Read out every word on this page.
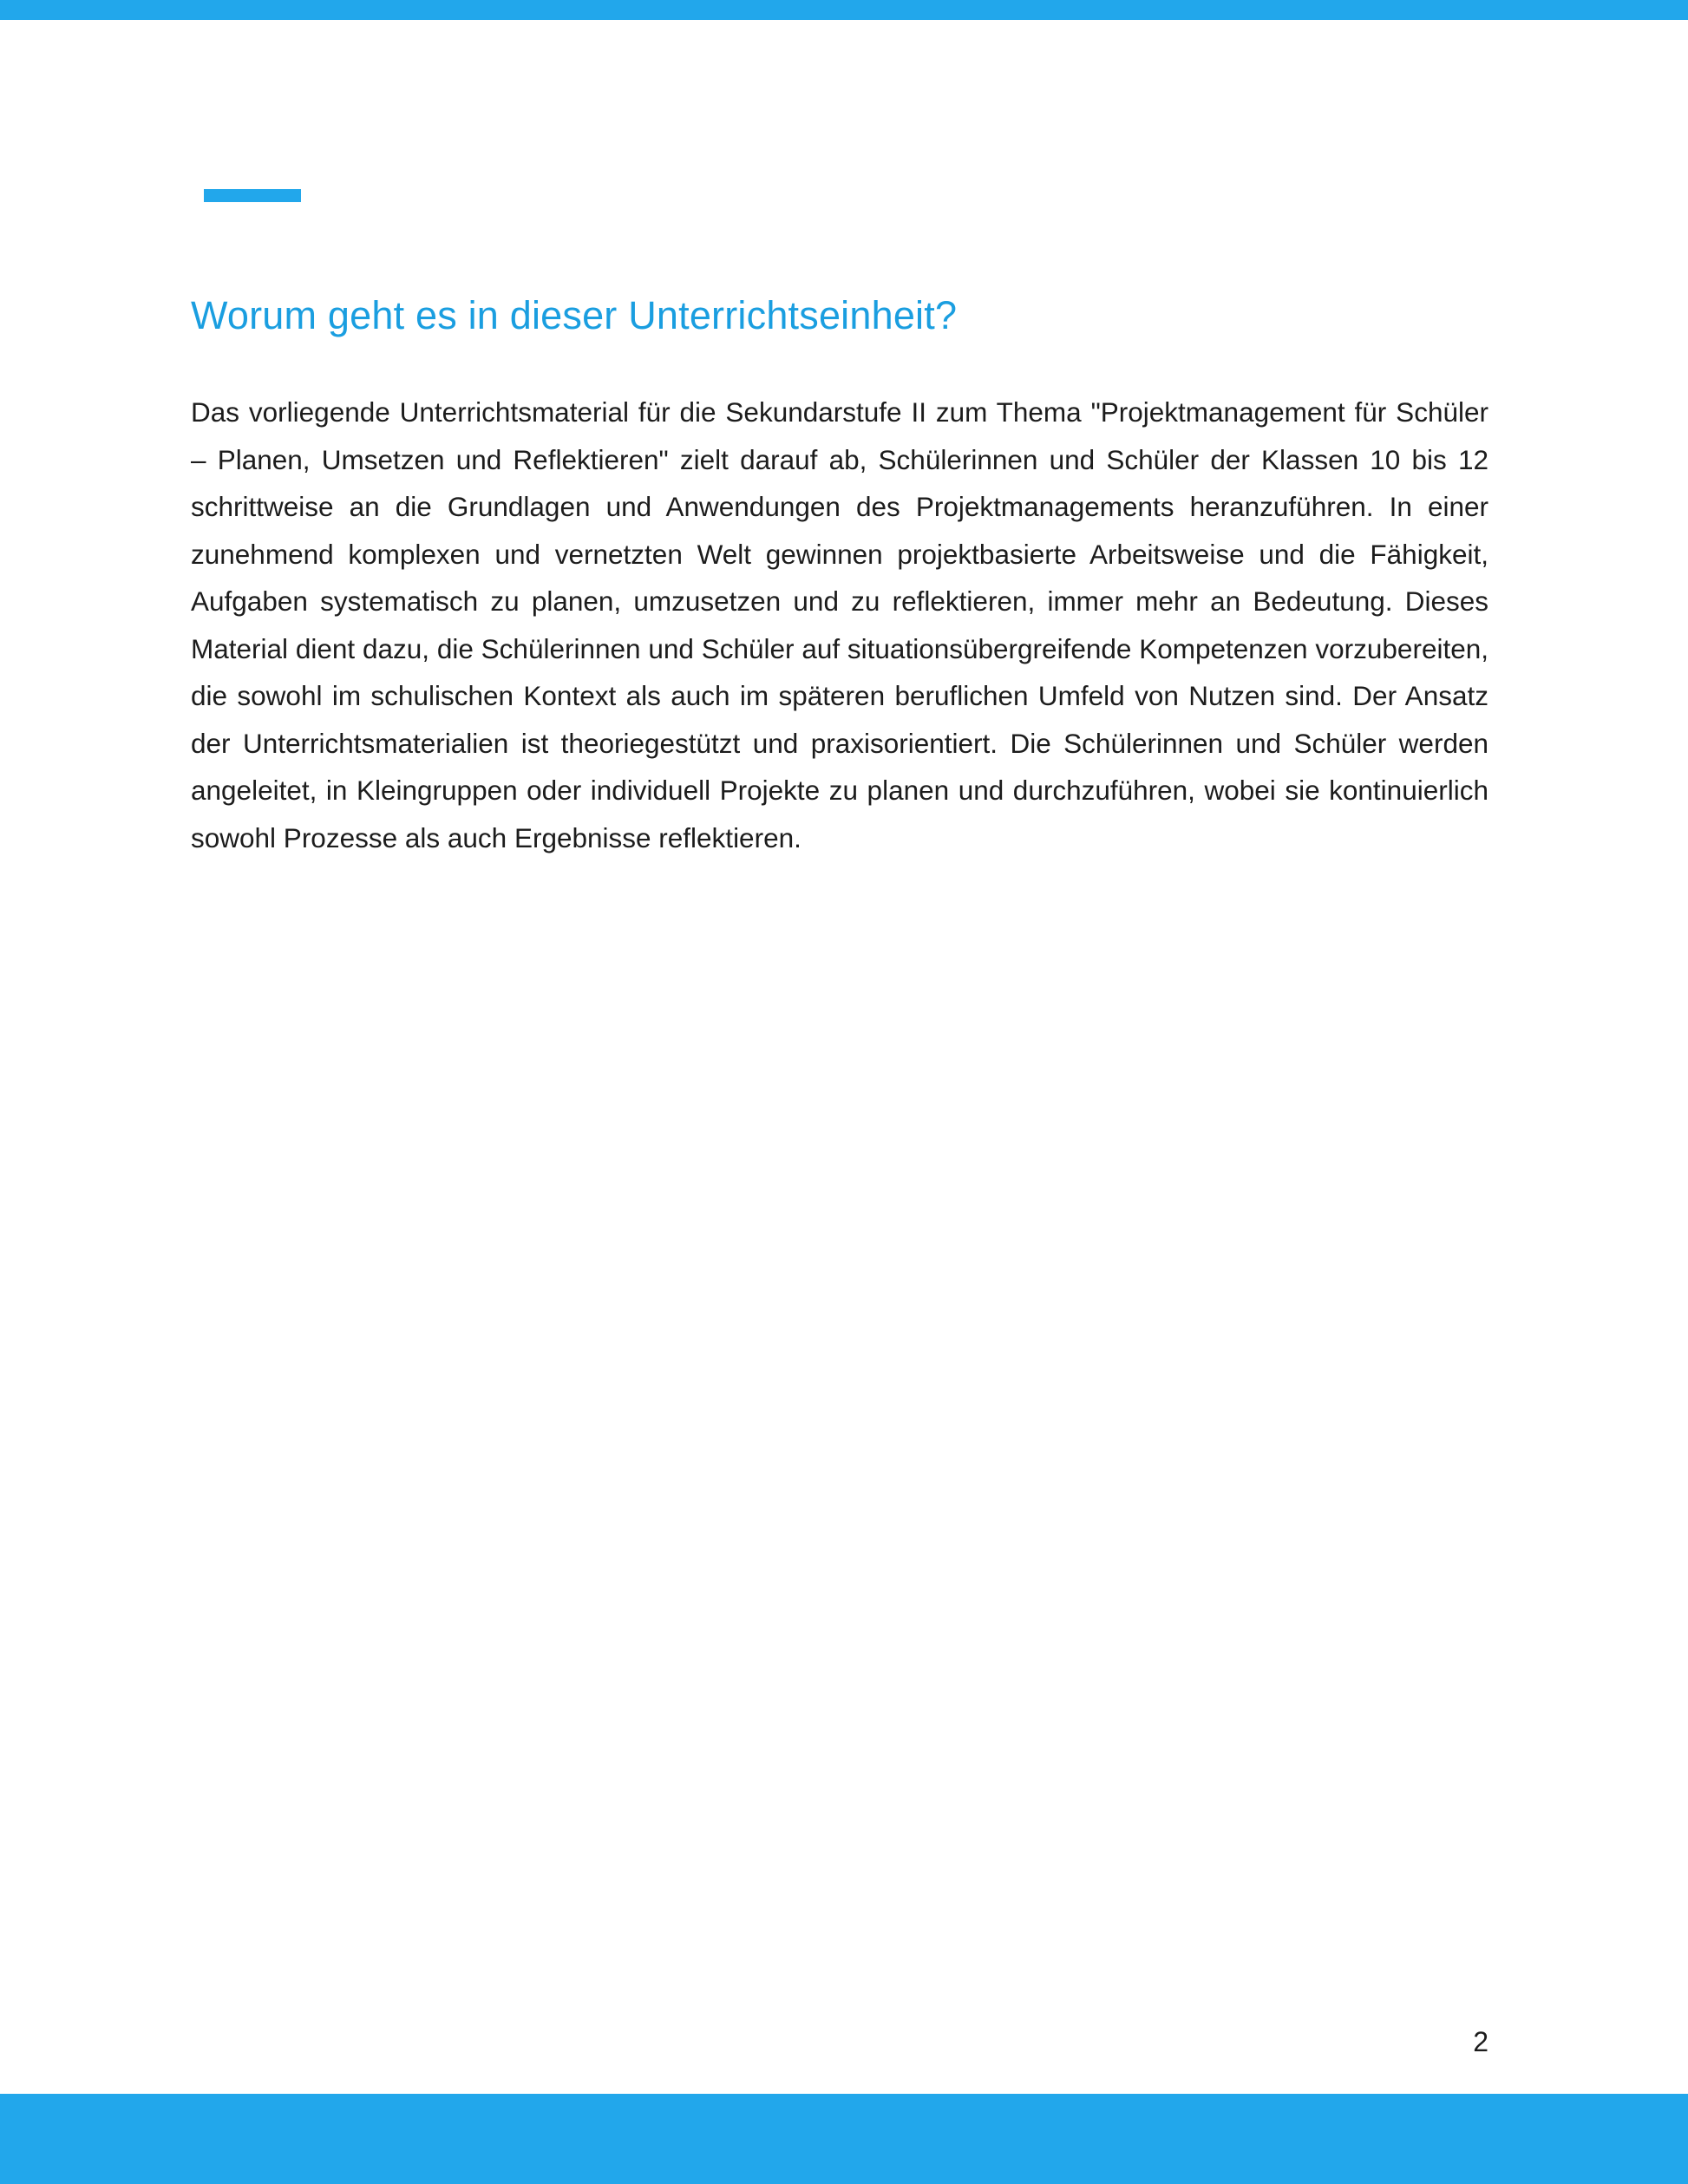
Worum geht es in dieser Unterrichtseinheit?

Das vorliegende Unterrichtsmaterial für die Sekundarstufe II zum Thema "Projektmanagement für Schüler – Planen, Umsetzen und Reflektieren" zielt darauf ab, Schülerinnen und Schüler der Klassen 10 bis 12 schrittweise an die Grundlagen und Anwendungen des Projektmanagements heranzuführen. In einer zunehmend komplexen und vernetzten Welt gewinnen projektbasierte Arbeitsweise und die Fähigkeit, Aufgaben systematisch zu planen, umzusetzen und zu reflektieren, immer mehr an Bedeutung. Dieses Material dient dazu, die Schülerinnen und Schüler auf situationsübergreifende Kompetenzen vorzubereiten, die sowohl im schulischen Kontext als auch im späteren beruflichen Umfeld von Nutzen sind. Der Ansatz der Unterrichtsmaterialien ist theoriegestützt und praxisorientiert. Die Schülerinnen und Schüler werden angeleitet, in Kleingruppen oder individuell Projekte zu planen und durchzuführen, wobei sie kontinuierlich sowohl Prozesse als auch Ergebnisse reflektieren.

2
